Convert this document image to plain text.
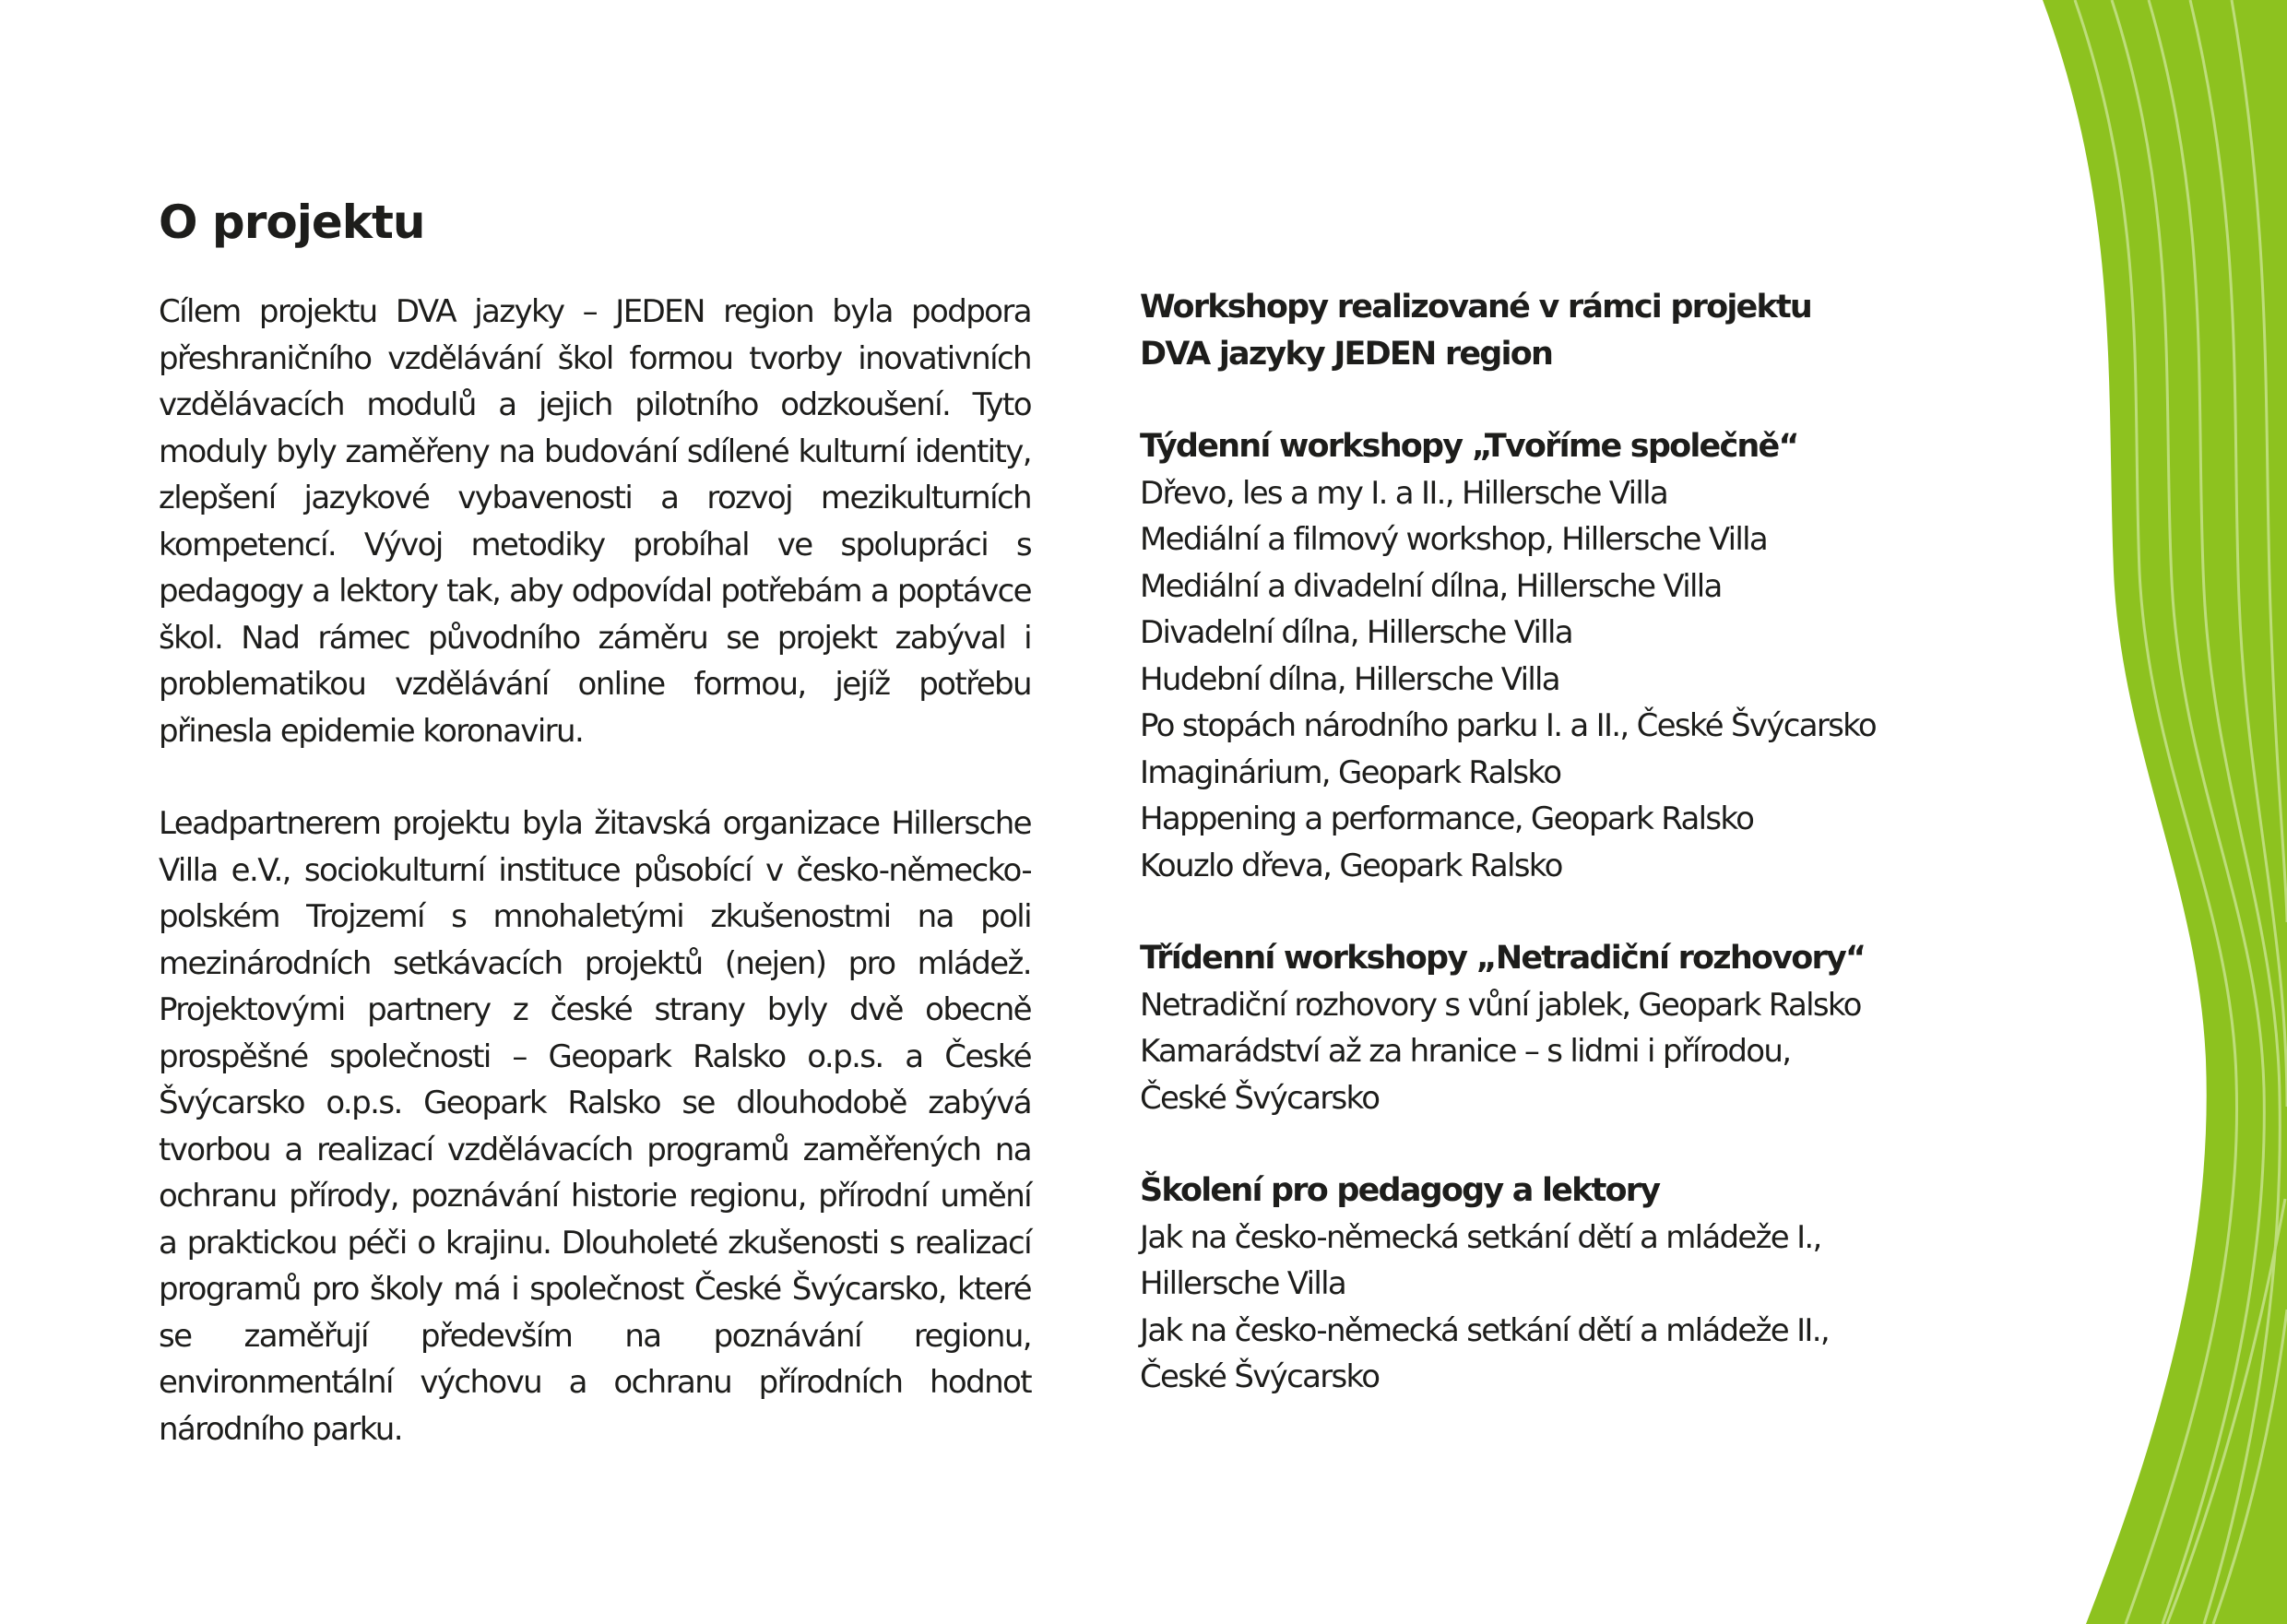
O projektu

Cílem projektu DVA jazyky – JEDEN region byla podpora přeshraničního vzdělávání škol formou tvorby inovativních vzdělávacích modulů a jejich pilotního odzkoušení. Tyto moduly byly zaměřeny na budování sdílené kulturní identity, zlepšení jazykové vybavenosti a rozvoj mezikulturních kompetencí. Vývoj metodiky probíhal ve spolupráci s pedagogy a lektory tak, aby odpovídal potřebám a poptávce škol. Nad rámec původního záměru se projekt zabýval i problematikou vzdělávání online formou, jejíž potřebu přinesla epidemie koronaviru.

Leadpartnerem projektu byla žitavská organizace Hillersche Villa e.V., sociokulturní instituce působící v česko-německo-polském Trojzemí s mnohaletými zkušenostmi na poli mezinárodních setkávacích projektů (nejen) pro mládež. Projektovými partnery z české strany byly dvě obecně prospěšné společnosti – Geopark Ralsko o.p.s. a České Švýcarsko o.p.s. Geopark Ralsko se dlouhodobě zabývá tvorbou a realizací vzdělávacích programů zaměřených na ochranu přírody, poznávání historie regionu, přírodní umění a praktickou péči o krajinu. Dlouholeté zkušenosti s realizací programů pro školy má i společnost České Švýcarsko, které se zaměřují především na poznávání regionu, environmentální výchovu a ochranu přírodních hodnot národního parku.

Workshopy realizované v rámci projektu
DVA jazyky JEDEN region
Týdenní workshopy „Tvoříme společně“
Dřevo, les a my I. a II., Hillersche Villa
Mediální a filmový workshop, Hillersche Villa
Mediální a divadelní dílna, Hillersche Villa
Divadelní dílna, Hillersche Villa
Hudební dílna, Hillersche Villa
Po stopách národního parku I. a II., České Švýcarsko
Imaginárium, Geopark Ralsko
Happening a performance, Geopark Ralsko
Kouzlo dřeva, Geopark Ralsko
Třídenní workshopy „Netradiční rozhovory“
Netradiční rozhovory s vůní jablek, Geopark Ralsko
Kamarádství až za hranice – s lidmi i přírodou,
České Švýcarsko
Školení pro pedagogy a lektory
Jak na česko-německá setkání dětí a mládeže I.,
Hillersche Villa
Jak na česko-německá setkání dětí a mládeže II.,
České Švýcarsko
